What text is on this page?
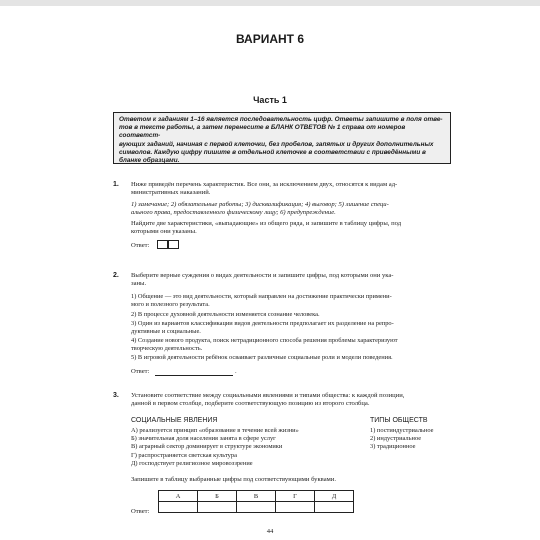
ВАРИАНТ 6
Часть 1
Ответом к заданиям 1–16 является последовательность цифр. Ответы запишите в поля отве-
тов в тексте работы, а затем перенесите в БЛАНК ОТВЕТОВ № 1 справа от номеров соответст-
вующих заданий, начиная с первой клеточки, без пробелов, запятых и других дополнительных
символов. Каждую цифру пишите в отдельной клеточке в соответствии с приведёнными в
бланке образцами.
1. Ниже приведён перечень характеристик. Все они, за исключением двух, относятся к видам ад-
министративных наказаний.
1) замечание; 2) обязательные работы; 3) дисквалификация; 4) выговор; 5) лишение специ-
ального права, предоставленного физическому лицу; 6) предупреждение.
Найдите две характеристики, «выпадающие» из общего ряда, и запишите в таблицу цифры, под
которыми они указаны.
Ответ:
2. Выберите верные суждения о видах деятельности и запишите цифры, под которыми они ука-
заны.
1) Общение — это вид деятельности, который направлен на достижение практически примени-
мого и полезного результата.
2) В процессе духовной деятельности изменяется сознание человека.
3) Один из вариантов классификации видов деятельности предполагает их разделение на репро-
дуктивные и социальные.
4) Создание нового продукта, поиск нетрадиционного способа решения проблемы характеризуют
творческую деятельность.
5) В игровой деятельности ребёнок осваивает различные социальные роли и модели поведения.
Ответ:	.
3. Установите соответствие между социальными явлениями и типами общества: к каждой позиции,
данной в первом столбце, подберите соответствующую позицию из второго столбца.
СОЦИАЛЬНЫЕ ЯВЛЕНИЯ	ТИПЫ ОБЩЕСТВ
А) реализуется принцип «образование в течение всей жизни»
Б) значительная доля населения занята в сфере услуг
В) аграрный сектор доминирует в структуре экономики
Г) распространяется светская культура
Д) господствует религиозное мировоззрение
1) постиндустриальное
2) индустриальное
3) традиционное
Запишите в таблицу выбранные цифры под соответствующими буквами.
Ответ:
А	Б	В	Г	Д

44
